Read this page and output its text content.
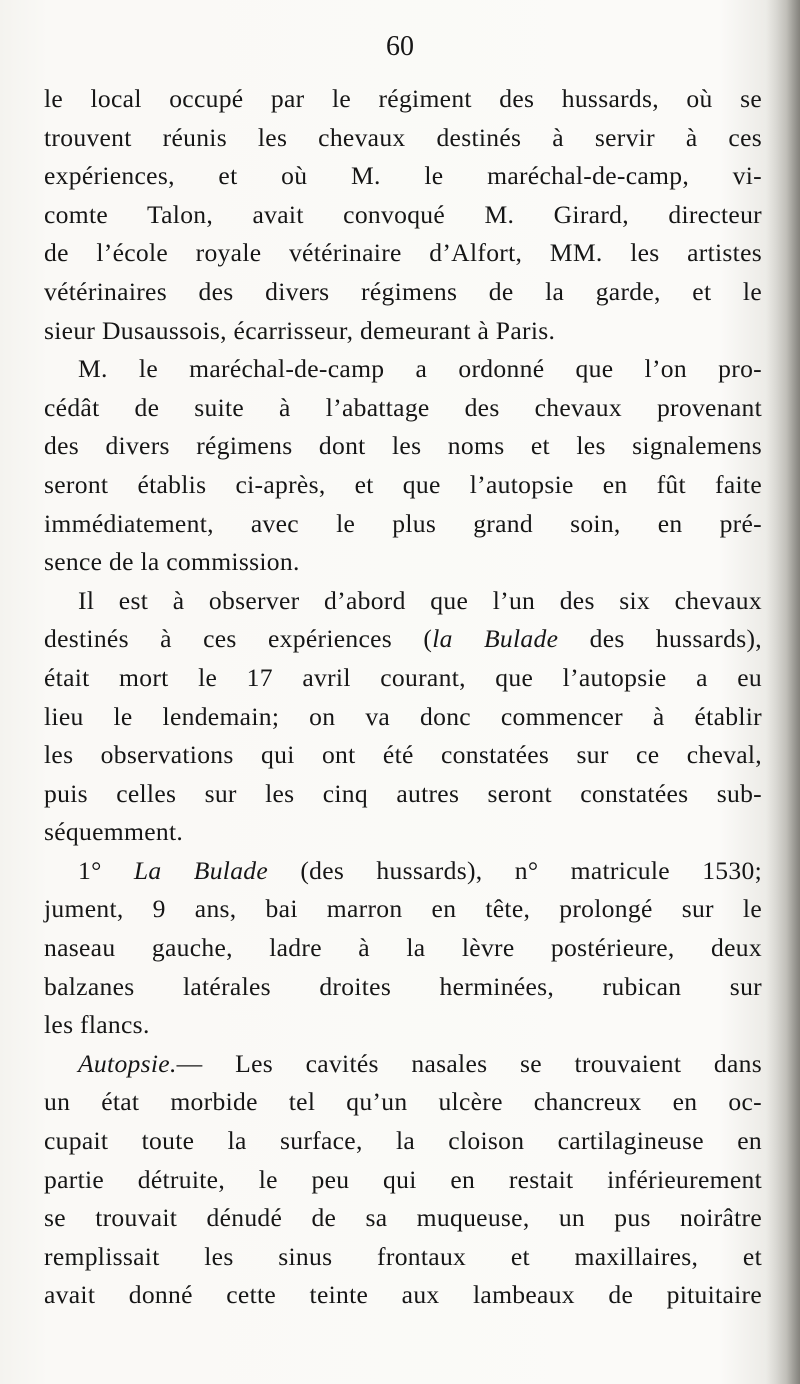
60
le local occupé par le régiment des hussards, où se
trouvent réunis les chevaux destinés à servir à ces
expériences, et où M. le maréchal-de-camp, vi-
comte Talon, avait convoqué M. Girard, directeur
de l’école royale vétérinaire d’Alfort, MM. les artistes
vétérinaires des divers régimens de la garde, et le
sieur Dusaussois, écarrisseur, demeurant à Paris.
M. le maréchal-de-camp a ordonné que l’on pro-
cédât de suite à l’abattage des chevaux provenant
des divers régimens dont les noms et les signalemens
seront établis ci-après, et que l’autopsie en fût faite
immédiatement, avec le plus grand soin, en pré-
sence de la commission.
Il est à observer d’abord que l’un des six chevaux
destinés à ces expériences (la Bulade des hussards),
était mort le 17 avril courant, que l’autopsie a eu
lieu le lendemain; on va donc commencer à établir
les observations qui ont été constatées sur ce cheval,
puis celles sur les cinq autres seront constatées sub-
séquemment.
1° La Bulade (des hussards), n° matricule 1530;
jument, 9 ans, bai marron en tête, prolongé sur le
naseau gauche, ladre à la lèvre postérieure, deux
balzanes latérales droites herminées, rubican sur
les flancs.
Autopsie.— Les cavités nasales se trouvaient dans
un état morbide tel qu’un ulcère chancreux en oc-
cupait toute la surface, la cloison cartilagineuse en
partie détruite, le peu qui en restait inférieurement
se trouvait dénudé de sa muqueuse, un pus noirâtre
remplissait les sinus frontaux et maxillaires, et
avait donné cette teinte aux lambeaux de pituitaire
